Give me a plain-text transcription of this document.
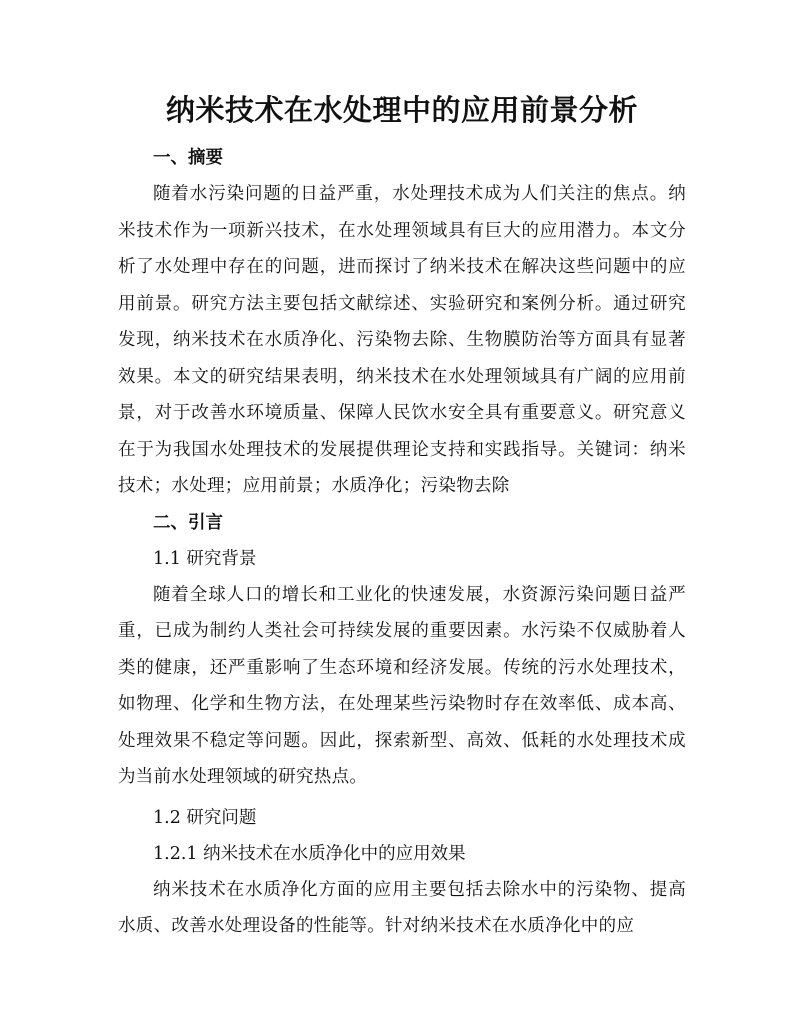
纳米技术在水处理中的应用前景分析
一、摘要

随着水污染问题的日益严重，水处理技术成为人们关注的焦点。纳米技术作为一项新兴技术，在水处理领域具有巨大的应用潜力。本文分析了水处理中存在的问题，进而探讨了纳米技术在解决这些问题中的应用前景。研究方法主要包括文献综述、实验研究和案例分析。通过研究发现，纳米技术在水质净化、污染物去除、生物膜防治等方面具有显著效果。本文的研究结果表明，纳米技术在水处理领域具有广阔的应用前景，对于改善水环境质量、保障人民饮水安全具有重要意义。研究意义在于为我国水处理技术的发展提供理论支持和实践指导。关键词：纳米技术；水处理；应用前景；水质净化；污染物去除

二、引言
1.1 研究背景

随着全球人口的增长和工业化的快速发展，水资源污染问题日益严重，已成为制约人类社会可持续发展的重要因素。水污染不仅威胁着人类的健康，还严重影响了生态环境和经济发展。传统的污水处理技术，如物理、化学和生物方法，在处理某些污染物时存在效率低、成本高、处理效果不稳定等问题。因此，探索新型、高效、低耗的水处理技术成为当前水处理领域的研究热点。

1.2 研究问题
1.2.1 纳米技术在水质净化中的应用效果

纳米技术在水质净化方面的应用主要包括去除水中的污染物、提高水质、改善水处理设备的性能等。针对纳米技术在水质净化中的应
